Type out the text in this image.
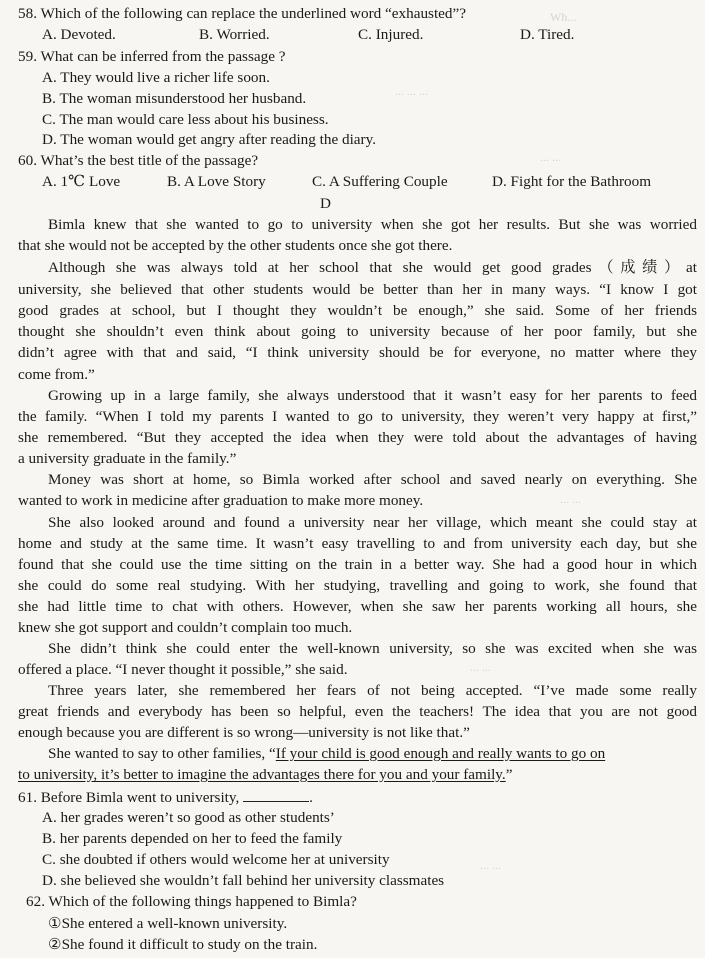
Wh...
... ... ...
... ...
... ...
... ...
... ...
58. Which of the following can replace the underlined word “exhausted”?
A. Devoted.	B. Worried.	C. Injured.	D. Tired.
59. What can be inferred from the passage ?
A. They would live a richer life soon.
B. The woman misunderstood her husband.
C. The man would care less about his business.
D. The woman would get angry after reading the diary.
60. What’s the best title of the passage?
A. 1℃ Love	B. A Love Story	C. A Suffering Couple	D. Fight for the Bathroom
D
Bimla knew that she wanted to go to university when she got her results. But she was worried
that she would not be accepted by the other students once she got there.
Although she was always told at her school that she would get good grades（成绩）at
university, she believed that other students would be better than her in many ways. “I know I got
good grades at school, but I thought they wouldn’t be enough,” she said. Some of her friends
thought she shouldn’t even think about going to university because of her poor family, but she
didn’t agree with that and said, “I think university should be for everyone, no matter where they
come from.”
Growing up in a large family, she always understood that it wasn’t easy for her parents to feed
the family. “When I told my parents I wanted to go to university, they weren’t very happy at first,”
she remembered. “But they accepted the idea when they were told about the advantages of having
a university graduate in the family.”
Money was short at home, so Bimla worked after school and saved nearly on everything. She
wanted to work in medicine after graduation to make more money.
She also looked around and found a university near her village, which meant she could stay at
home and study at the same time. It wasn’t easy travelling to and from university each day, but she
found that she could use the time sitting on the train in a better way. She had a good hour in which
she could do some real studying. With her studying, travelling and going to work, she found that
she had little time to chat with others. However, when she saw her parents working all hours, she
knew she got support and couldn’t complain too much.
She didn’t think she could enter the well-known university, so she was excited when she was
offered a place. “I never thought it possible,” she said.
Three years later, she remembered her fears of not being accepted. “I’ve made some really
great friends and everybody has been so helpful, even the teachers! The idea that you are not good
enough because you are different is so wrong—university is not like that.”
She wanted to say to other families, “If your child is good enough and really wants to go on
to university, it’s better to imagine the advantages there for you and your family.”
61. Before Bimla went to university,	.
A. her grades weren’t so good as other students’
B. her parents depended on her to feed the family
C. she doubted if others would welcome her at university
D. she believed she wouldn’t fall behind her university classmates
62. Which of the following things happened to Bimla?
①She entered a well-known university.
②She found it difficult to study on the train.
